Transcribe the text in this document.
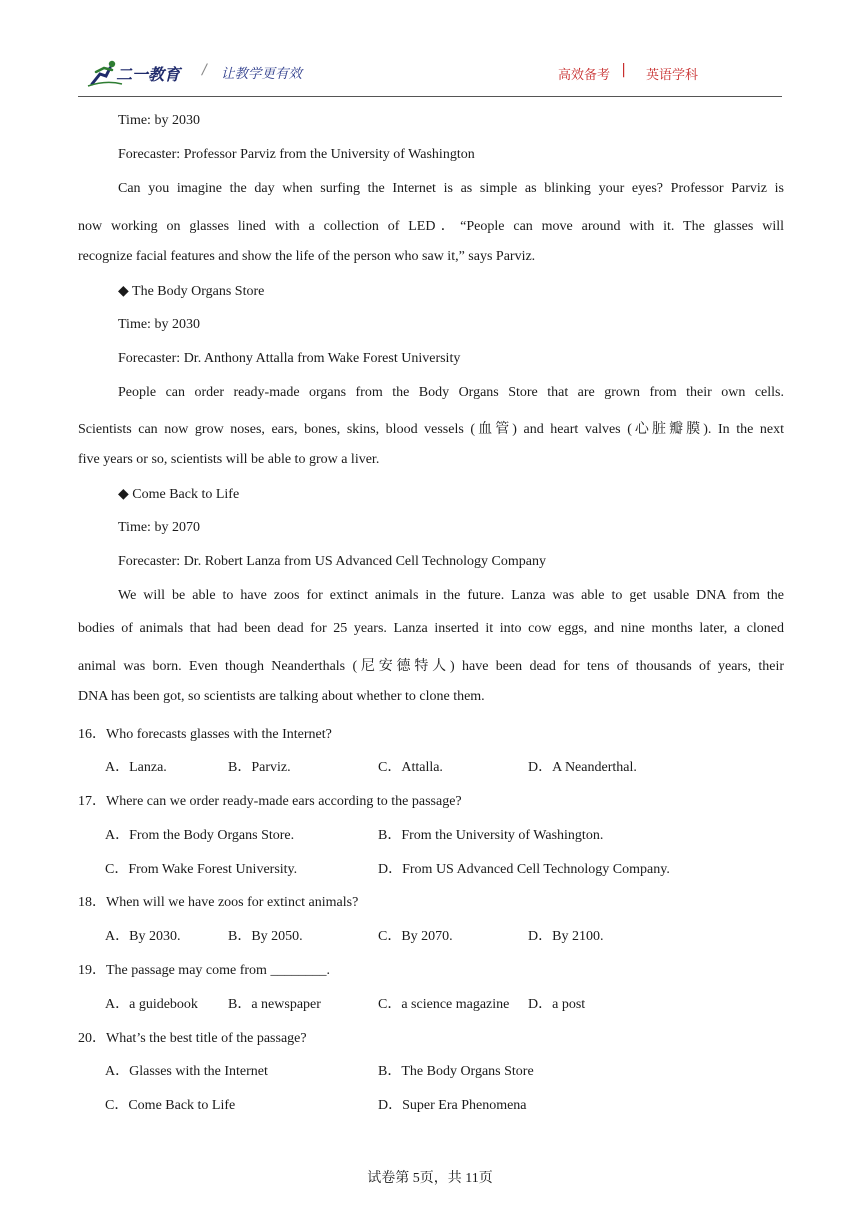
二一教育 / 让教学更有效	高效备考 | 英语学科
Time: by 2030
Forecaster: Professor Parviz from the University of Washington
Can you imagine the day when surfing the Internet is as simple as blinking your eyes? Professor Parviz is
now working on glasses lined with a collection of LED．“People can move around with it. The glasses will
recognize facial features and show the life of the person who saw it,” says Parviz.
◆ The Body Organs Store
Time: by 2030
Forecaster: Dr. Anthony Attalla from Wake Forest University
People can order ready-made organs from the Body Organs Store that are grown from their own cells.
Scientists can now grow noses, ears, bones, skins, blood vessels (血管) and heart valves (心脏瓣膜). In the next
five years or so, scientists will be able to grow a liver.
◆ Come Back to Life
Time: by 2070
Forecaster: Dr. Robert Lanza from US Advanced Cell Technology Company
We will be able to have zoos for extinct animals in the future. Lanza was able to get usable DNA from the
bodies of animals that had been dead for 25 years. Lanza inserted it into cow eggs, and nine months later, a cloned
animal was born. Even though Neanderthals (尼安德特人) have been dead for tens of thousands of years, their
DNA has been got, so scientists are talking about whether to clone them.
16．Who forecasts glasses with the Internet?
A．Lanza.	B．Parviz.	C．Attalla.	D．A Neanderthal.
17．Where can we order ready-made ears according to the passage?
A．From the Body Organs Store.	B．From the University of Washington.
C．From Wake Forest University.	D．From US Advanced Cell Technology Company.
18．When will we have zoos for extinct animals?
A．By 2030.	B．By 2050.	C．By 2070.	D．By 2100.
19．The passage may come from ________.
A．a guidebook B．a newspaper	C．a science magazine D．a post
20．What’s the best title of the passage?
A．Glasses with the Internet	B．The Body Organs Store
C．Come Back to Life	D．Super Era Phenomena
试卷第 5页，共 11页
